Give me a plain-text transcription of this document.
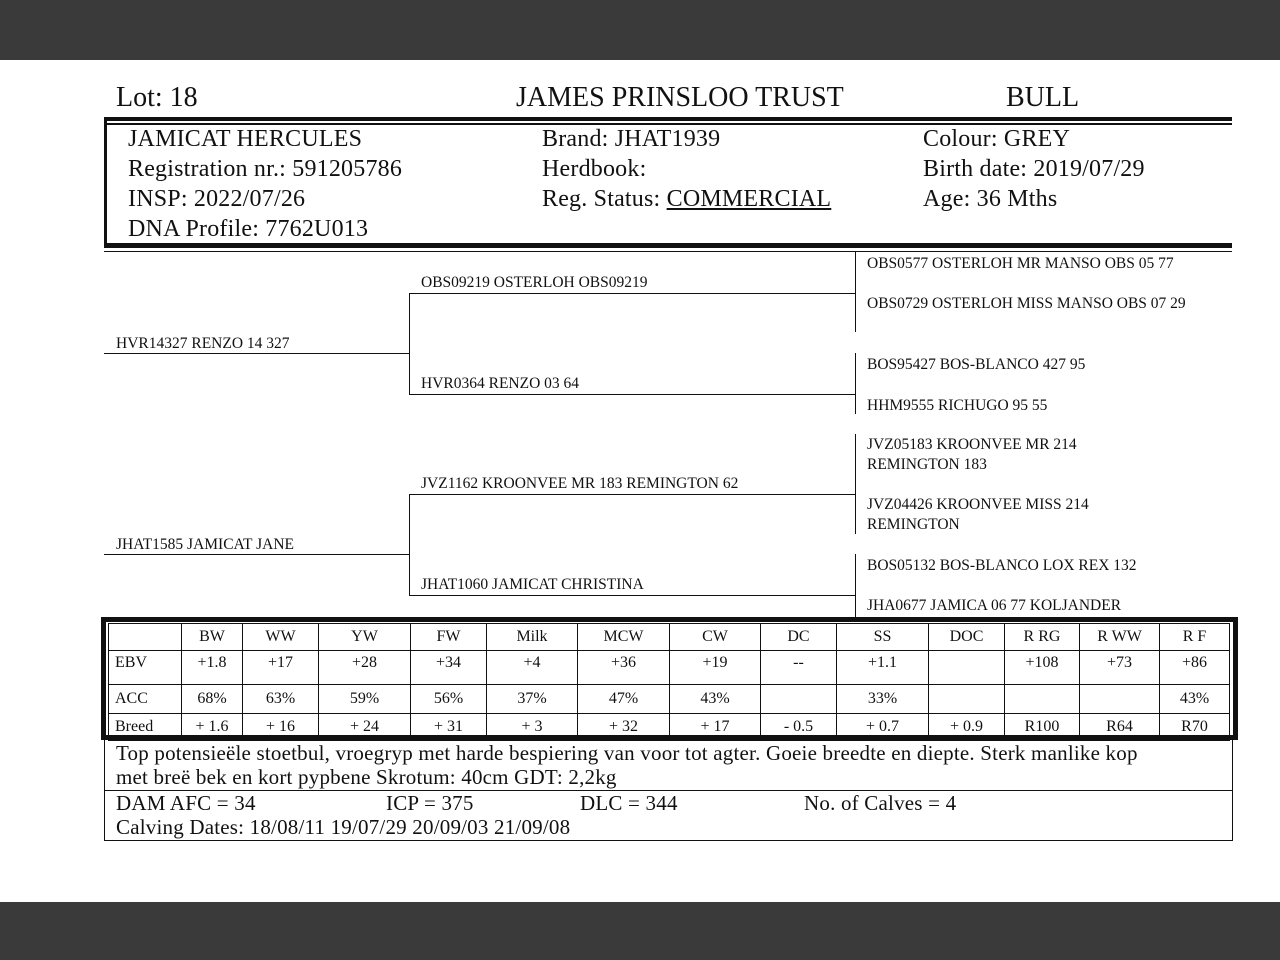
Lot: 18	JAMES PRINSLOO TRUST	BULL
JAMICAT HERCULES
Registration nr.: 591205786
INSP: 2022/07/26
DNA Profile: 7762U013
Brand: JHAT1939
Herdbook:
Reg. Status: COMMERCIAL
Colour: GREY
Birth date: 2019/07/29
Age: 36 Mths
HVR14327 RENZO 14 327
JHAT1585 JAMICAT JANE
OBS09219 OSTERLOH OBS09219
HVR0364 RENZO 03 64
JVZ1162 KROONVEE MR 183 REMINGTON 62
JHAT1060 JAMICAT CHRISTINA
OBS0577 OSTERLOH MR MANSO OBS 05 77
OBS0729 OSTERLOH MISS MANSO OBS 07 29
BOS95427 BOS-BLANCO 427 95
HHM9555 RICHUGO 95 55
JVZ05183 KROONVEE MR 214 REMINGTON 183
JVZ04426 KROONVEE MISS 214 REMINGTON
BOS05132 BOS-BLANCO LOX REX 132
JHA0677 JAMICA 06 77 KOLJANDER
	BW	WW	YW	FW	Milk	MCW	CW	DC	SS	DOC	R RG	R WW	R F
EBV	+1.8	+17	+28	+34	+4	+36	+19	--	+1.1		+108	+73	+86
ACC	68%	63%	59%	56%	37%	47%	43%		33%				43%
Breed	+ 1.6	+ 16	+ 24	+ 31	+ 3	+ 32	+ 17	- 0.5	+ 0.7	+ 0.9	R100	R64	R70
Top potensieële stoetbul, vroegryp met harde bespiering van voor tot agter. Goeie breedte en diepte. Sterk manlike kop
met breë bek en kort pypbene Skrotum: 40cm GDT: 2,2kg
DAM AFC = 34	ICP = 375	DLC = 344	No. of Calves = 4
Calving Dates: 18/08/11 19/07/29 20/09/03 21/09/08
